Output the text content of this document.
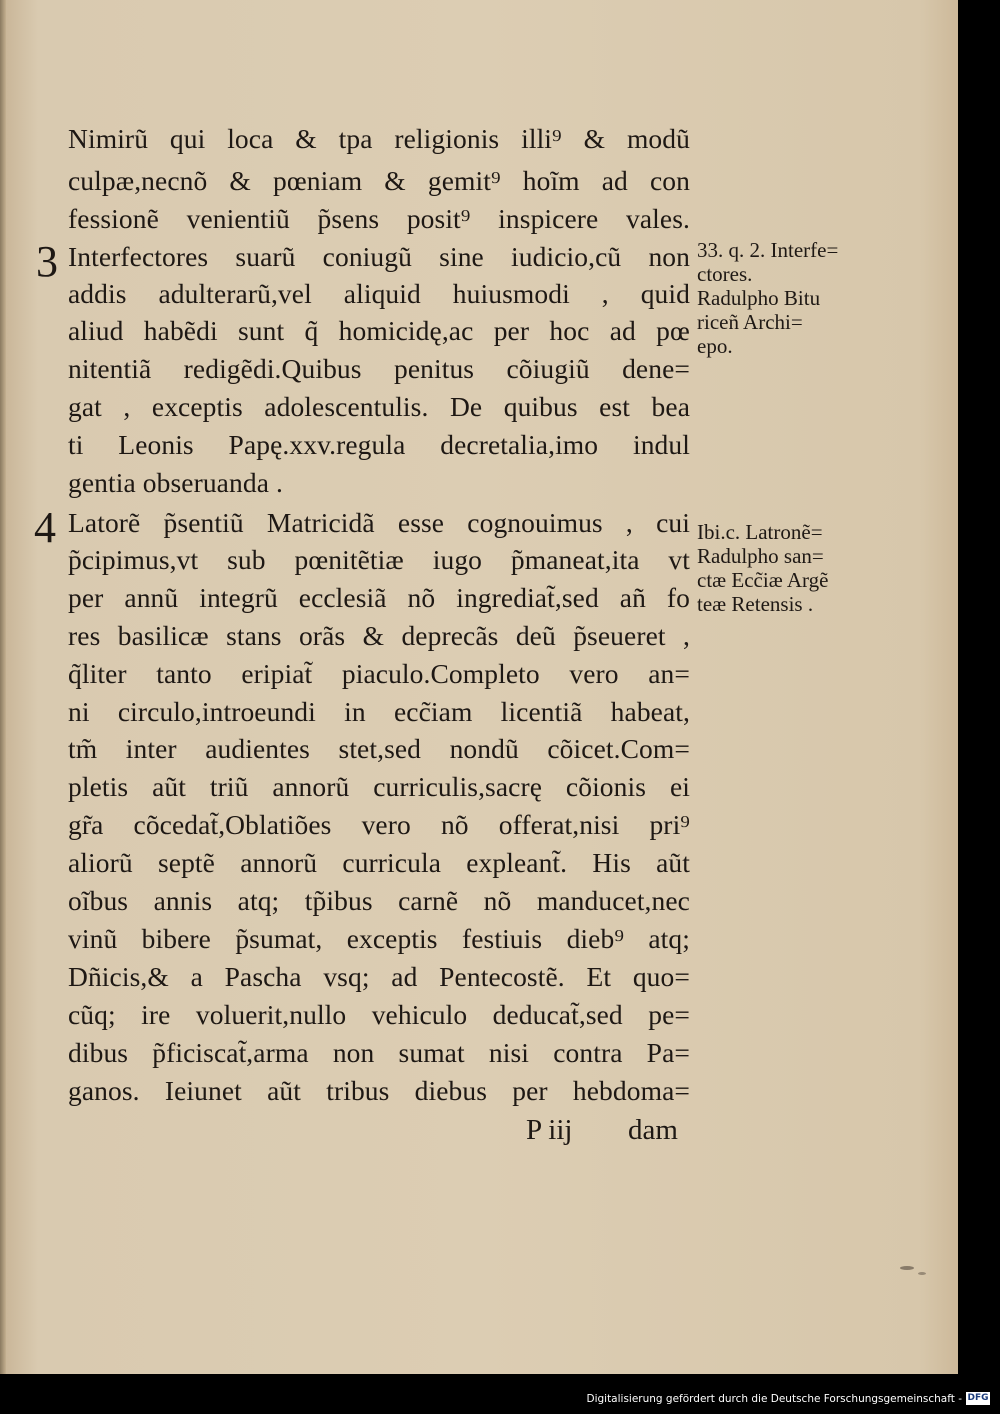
Nimirũ qui loca & tpa religionis illi⁹ & modũ
culpæ,necnõ & pœniam & gemit⁹ hoĩm ad con
fessionẽ venientiũ p̃sens posit⁹ inspicere vales.
Interfectores suarũ coniugũ sine iudicio,cũ non
addis adulterarũ,vel aliquid huiusmodi , quid
aliud habẽdi sunt q̃ homicidę,ac per hoc ad pœ
nitentiã redigẽdi.Quibus penitus cõiugiũ dene=
gat , exceptis adolescentulis. De quibus est bea
ti Leonis Papę.xxv.regula decretalia,imo indul
gentia obseruanda .
Latorẽ p̃sentiũ Matricidã esse cognouimus , cui
p̃cipimus,vt sub pœnitẽtiæ iugo p̃maneat,ita vt
per annũ integrũ ecclesiã nõ ingrediat̃,sed añ fo
res basilicæ stans orãs & deprecãs deũ p̃seueret ,
q̃liter tanto eripiat̃ piaculo.Completo vero an=
ni circulo,introeundi in ecc̃iam licentiã habeat,
tm̃ inter audientes stet,sed nondũ cõicet.Com=
pletis aũt triũ annorũ curriculis,sacrę cõionis ei
gr̃a cõcedat̃,Oblatiões vero nõ offerat,nisi pri⁹
aliorũ septẽ annorũ curricula expleant̃. His aũt
oĩbus annis atq; tp̃ibus carnẽ nõ manducet,nec
vinũ bibere p̃sumat, exceptis festiuis dieb⁹ atq;
Dñicis,& a Pascha vsq; ad Pentecostẽ. Et quo=
cũq; ire voluerit,nullo vehiculo deducat̃,sed pe=
dibus p̃ficiscat̃,arma non sumat nisi contra Pa=
ganos. Ieiunet aũt tribus diebus per hebdoma=
3
4
33. q. 2. Interfe=
ctores.
Radulpho Bitu
riceñ Archi=
epo.
Ibi.c. Latronẽ=
Radulpho san=
ctæ Ecc̃iæ Argẽ
teæ Retensis .
P iij dam
Digitalisierung gefördert durch die Deutsche Forschungsgemeinschaft - DFG
